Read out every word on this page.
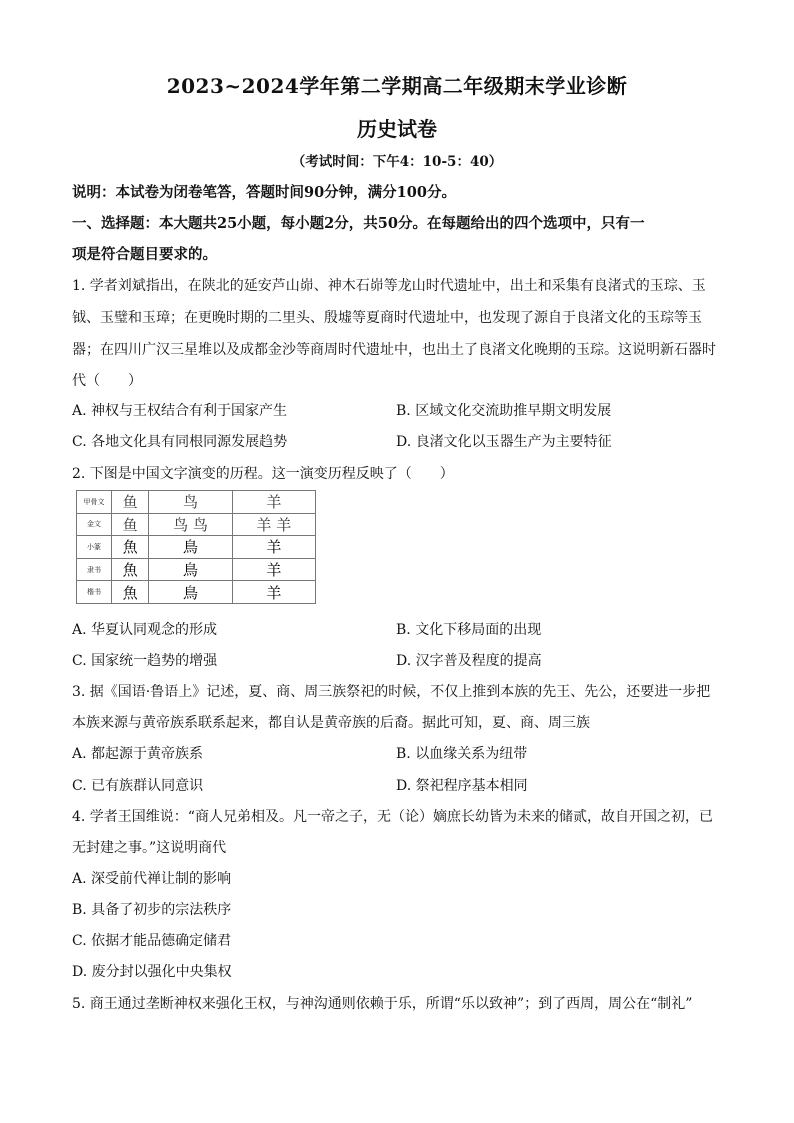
2023~2024学年第二学期高二年级期末学业诊断
历史试卷
（考试时间：下午4：10-5：40）
说明：本试卷为闭卷笔答，答题时间90分钟，满分100分。
一、选择题：本大题共25小题，每小题2分，共50分。在每题给出的四个选项中，只有一
项是符合题目要求的。
1. 学者刘斌指出，在陕北的延安芦山峁、神木石峁等龙山时代遗址中，出土和采集有良渚式的玉琮、玉
钺、玉璧和玉璋；在更晚时期的二里头、殷墟等夏商时代遗址中，也发现了源自于良渚文化的玉琮等玉
器；在四川广汉三星堆以及成都金沙等商周时代遗址中，也出土了良渚文化晚期的玉琮。这说明新石器时
代（　　）
A. 神权与王权结合有利于国家产生	B. 区域文化交流助推早期文明发展
C. 各地文化具有同根同源发展趋势	D. 良渚文化以玉器生产为主要特征
2. 下图是中国文字演变的历程。这一演变历程反映了（　　）
甲骨文	鱼	鸟	羊
金文	鱼	鸟 鸟	羊 羊
小篆	魚	鳥	羊
隶书	魚	鳥	羊
楷书	魚	鳥	羊
A. 华夏认同观念的形成	B. 文化下移局面的出现
C. 国家统一趋势的增强	D. 汉字普及程度的提高
3. 据《国语·鲁语上》记述，夏、商、周三族祭祀的时候，不仅上推到本族的先王、先公，还要进一步把
本族来源与黄帝族系联系起来，都自认是黄帝族的后裔。据此可知，夏、商、周三族
A. 都起源于黄帝族系	B. 以血缘关系为纽带
C. 已有族群认同意识	D. 祭祀程序基本相同
4. 学者王国维说：“商人兄弟相及。凡一帝之子，无（论）嫡庶长幼皆为未来的储贰，故自开国之初，已
无封建之事。”这说明商代
A. 深受前代禅让制的影响
B. 具备了初步的宗法秩序
C. 依据才能品德确定储君
D. 废分封以强化中央集权
5. 商王通过垄断神权来强化王权，与神沟通则依赖于乐，所谓“乐以致神”；到了西周，周公在“制礼”
